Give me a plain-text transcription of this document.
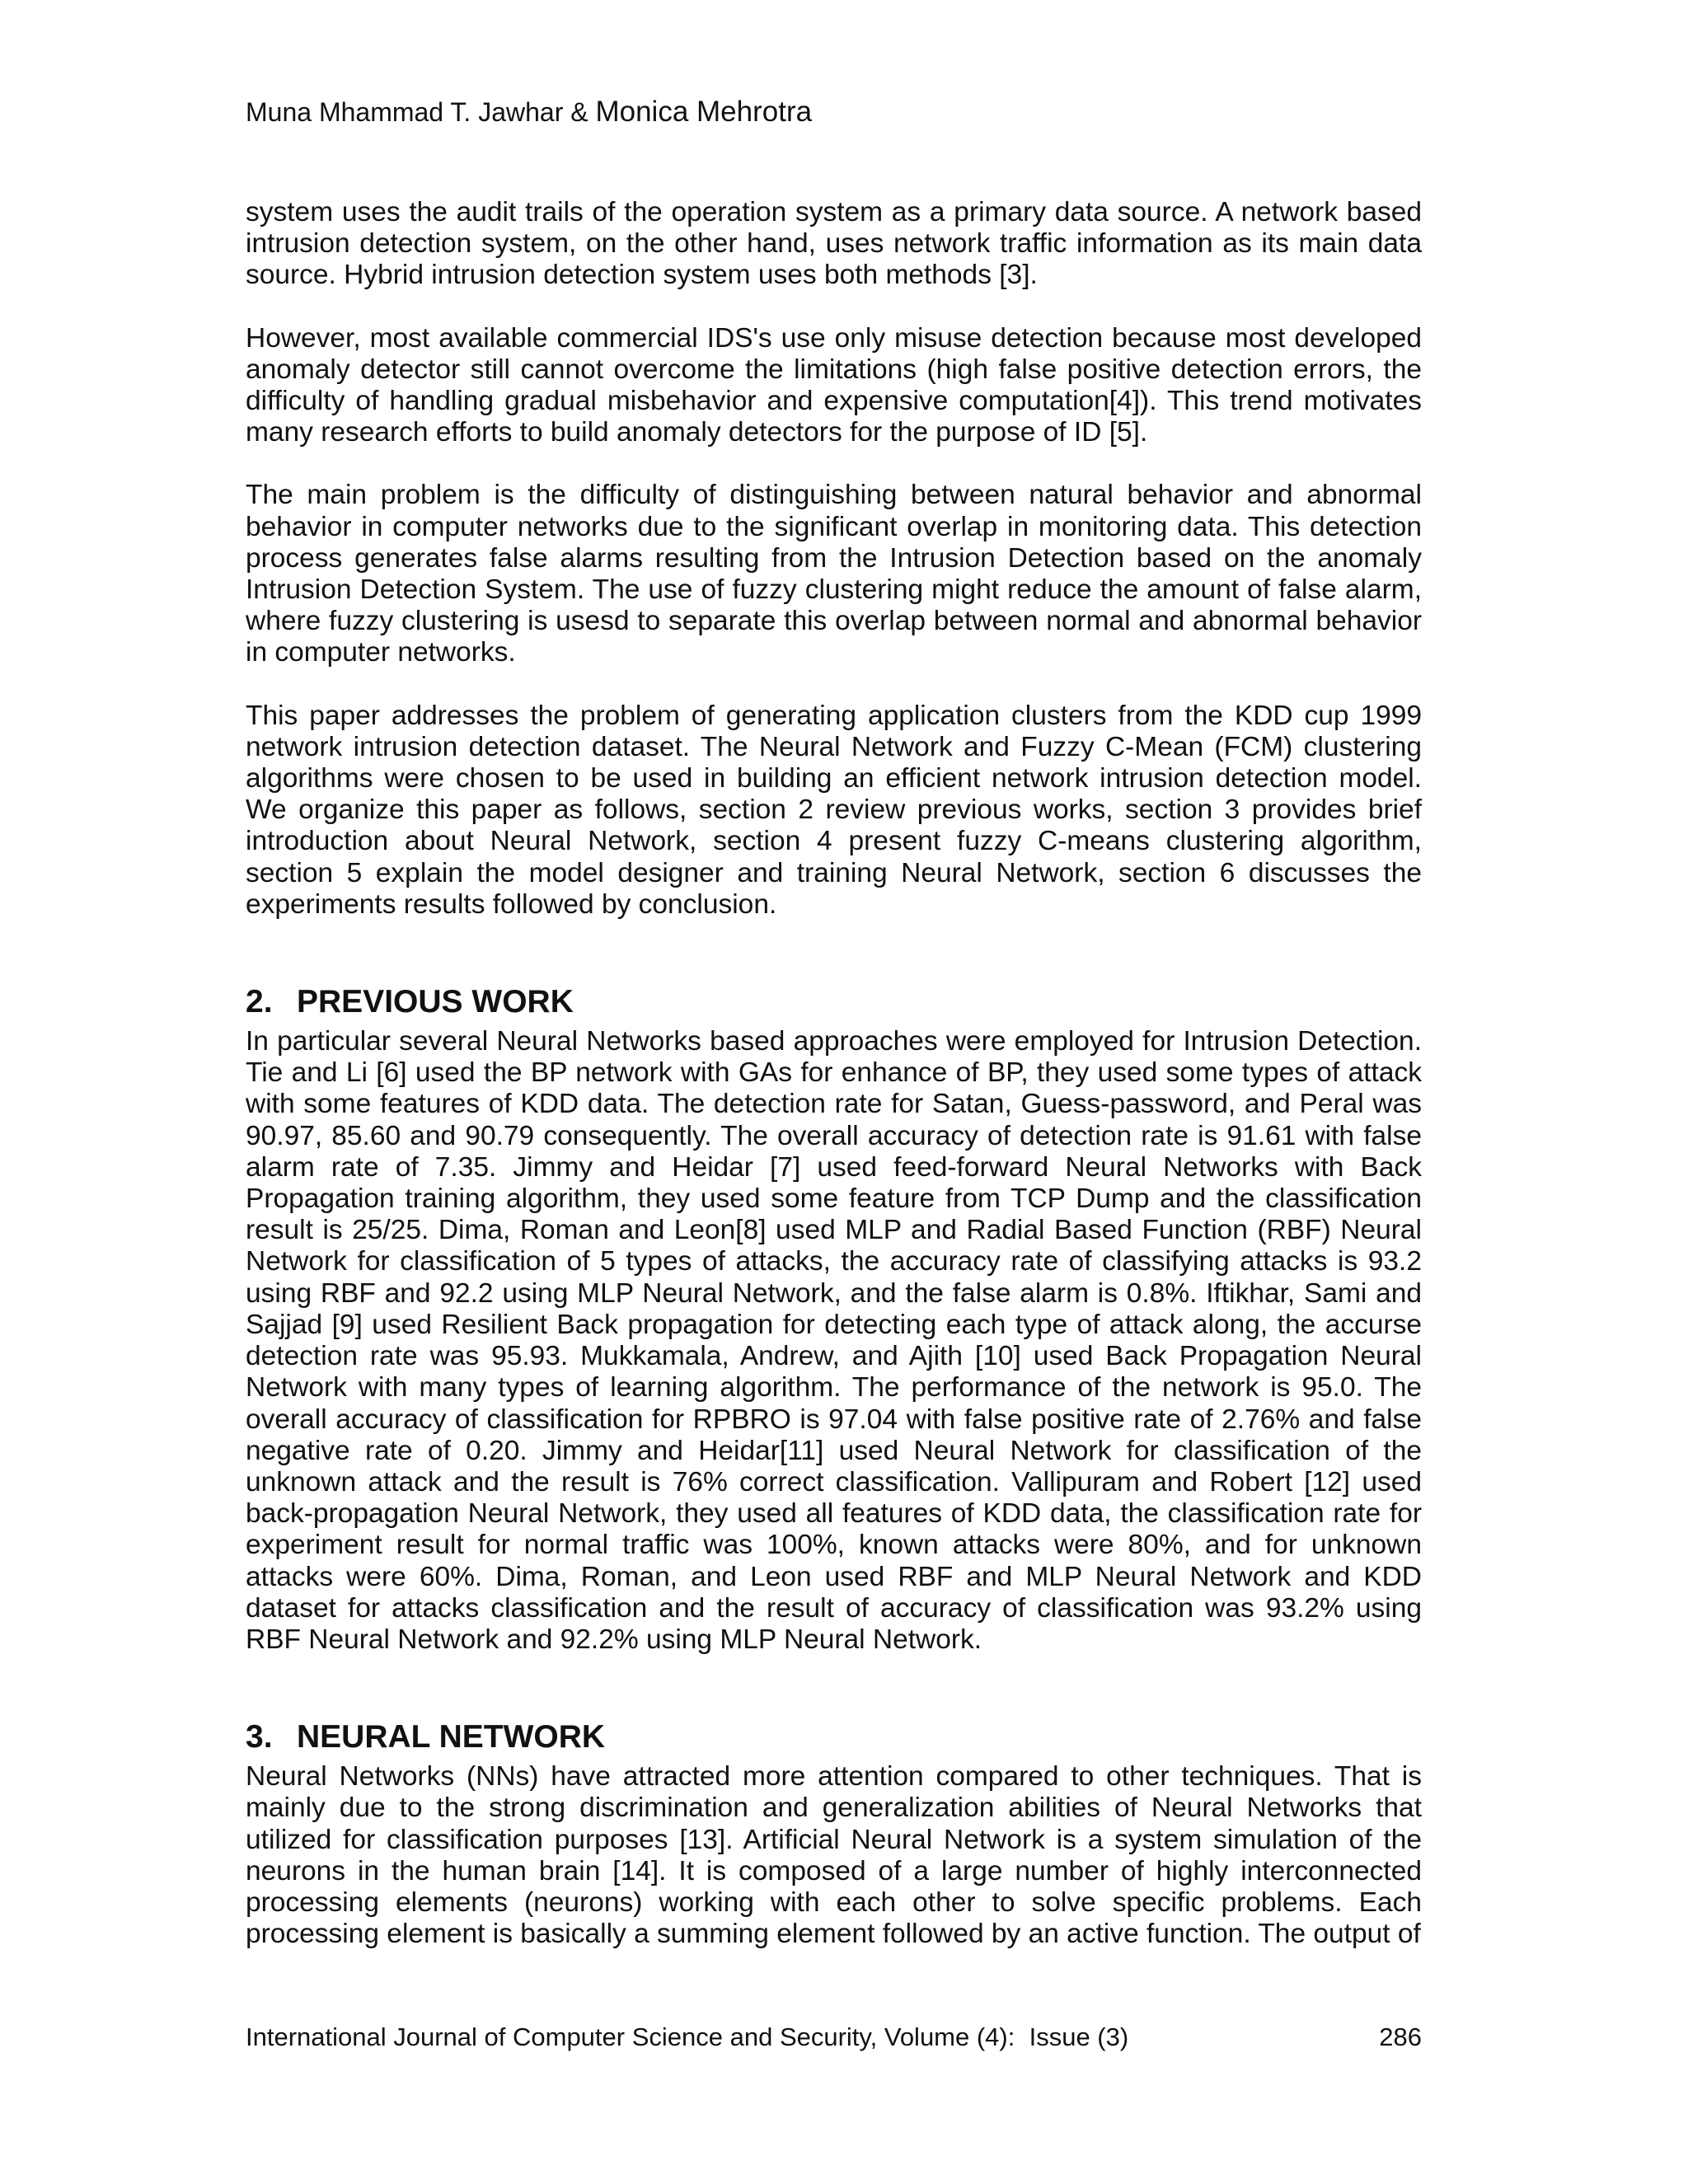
Muna Mhammad T. Jawhar & Monica Mehrotra

system uses the audit trails of the operation system as a primary data source. A network based intrusion detection system, on the other hand, uses network traffic information as its main data source. Hybrid intrusion detection system uses both methods [3].

However, most available commercial IDS's use only misuse detection because most developed anomaly detector still cannot overcome the limitations (high false positive detection errors, the difficulty of handling gradual misbehavior and expensive computation[4]). This trend motivates many research efforts to build anomaly detectors for the purpose of ID [5].

The main problem is the difficulty of distinguishing between natural behavior and abnormal behavior in computer networks due to the significant overlap in monitoring data. This detection process generates false alarms resulting from the Intrusion Detection based on the anomaly Intrusion Detection System. The use of fuzzy clustering might reduce the amount of false alarm, where fuzzy clustering is usesd to separate this overlap between normal and abnormal behavior in computer networks.

This paper addresses the problem of generating application clusters from the KDD cup 1999 network intrusion detection dataset. The Neural Network and Fuzzy C-Mean (FCM) clustering algorithms were chosen to be used in building an efficient network intrusion detection model. We organize this paper as follows, section 2 review previous works, section 3 provides brief introduction about Neural Network, section 4 present fuzzy C-means clustering algorithm, section 5 explain the model designer and training Neural Network, section 6 discusses the experiments results followed by conclusion.

2. PREVIOUS WORK

In particular several Neural Networks based approaches were employed for Intrusion Detection. Tie and Li [6] used the BP network with GAs for enhance of BP, they used some types of attack with some features of KDD data. The detection rate for Satan, Guess-password, and Peral was 90.97, 85.60 and 90.79 consequently. The overall accuracy of detection rate is 91.61 with false alarm rate of 7.35. Jimmy and Heidar [7] used feed-forward Neural Networks with Back Propagation training algorithm, they used some feature from TCP Dump and the classification result is 25/25. Dima, Roman and Leon[8] used MLP and Radial Based Function (RBF) Neural Network for classification of 5 types of attacks, the accuracy rate of classifying attacks is 93.2 using RBF and 92.2 using MLP Neural Network, and the false alarm is 0.8%. Iftikhar, Sami and Sajjad [9] used Resilient Back propagation for detecting each type of attack along, the accurse detection rate was 95.93. Mukkamala, Andrew, and Ajith [10] used Back Propagation Neural Network with many types of learning algorithm. The performance of the network is 95.0. The overall accuracy of classification for RPBRO is 97.04 with false positive rate of 2.76% and false negative rate of 0.20. Jimmy and Heidar[11] used Neural Network for classification of the unknown attack and the result is 76% correct classification. Vallipuram and Robert [12] used back-propagation Neural Network, they used all features of KDD data, the classification rate for experiment result for normal traffic was 100%, known attacks were 80%, and for unknown attacks were 60%. Dima, Roman, and Leon used RBF and MLP Neural Network and KDD dataset for attacks classification and the result of accuracy of classification was 93.2% using RBF Neural Network and 92.2% using MLP Neural Network.

3. NEURAL NETWORK

Neural Networks (NNs) have attracted more attention compared to other techniques. That is mainly due to the strong discrimination and generalization abilities of Neural Networks that utilized for classification purposes [13]. Artificial Neural Network is a system simulation of the neurons in the human brain [14]. It is composed of a large number of highly interconnected processing elements (neurons) working with each other to solve specific problems. Each processing element is basically a summing element followed by an active function. The output of

International Journal of Computer Science and Security, Volume (4):  Issue (3)	286
